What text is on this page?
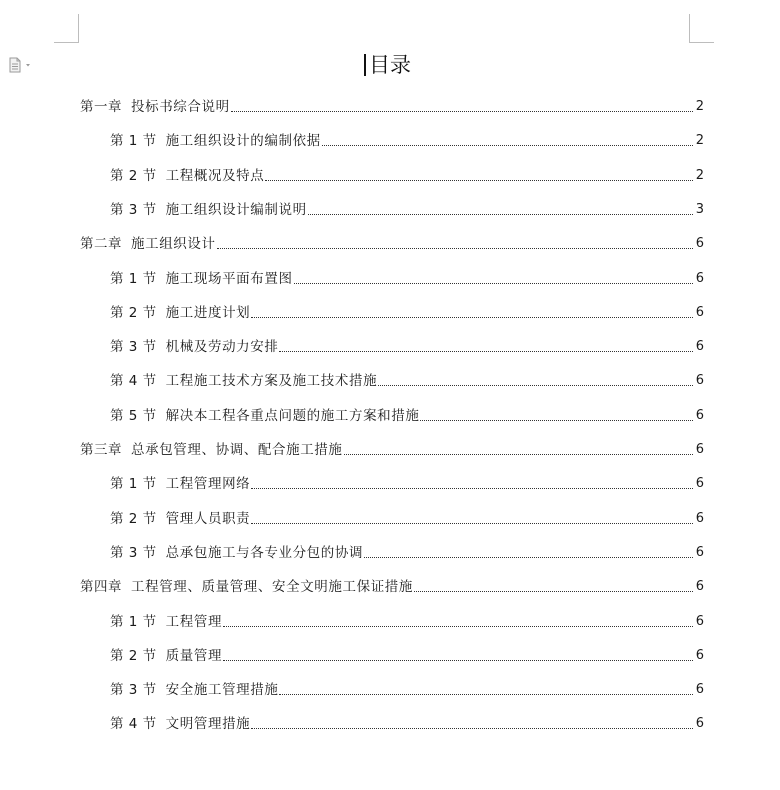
目录
第一章 投标书综合说明	2
第 1 节 施工组织设计的编制依据	2
第 2 节 工程概况及特点	2
第 3 节 施工组织设计编制说明	3
第二章 施工组织设计	6
第 1 节 施工现场平面布置图	6
第 2 节 施工进度计划	6
第 3 节 机械及劳动力安排	6
第 4 节 工程施工技术方案及施工技术措施	6
第 5 节 解决本工程各重点问题的施工方案和措施	6
第三章 总承包管理、协调、配合施工措施	6
第 1 节 工程管理网络	6
第 2 节 管理人员职责	6
第 3 节 总承包施工与各专业分包的协调	6
第四章 工程管理、质量管理、安全文明施工保证措施	6
第 1 节 工程管理	6
第 2 节 质量管理	6
第 3 节 安全施工管理措施	6
第 4 节 文明管理措施	6
